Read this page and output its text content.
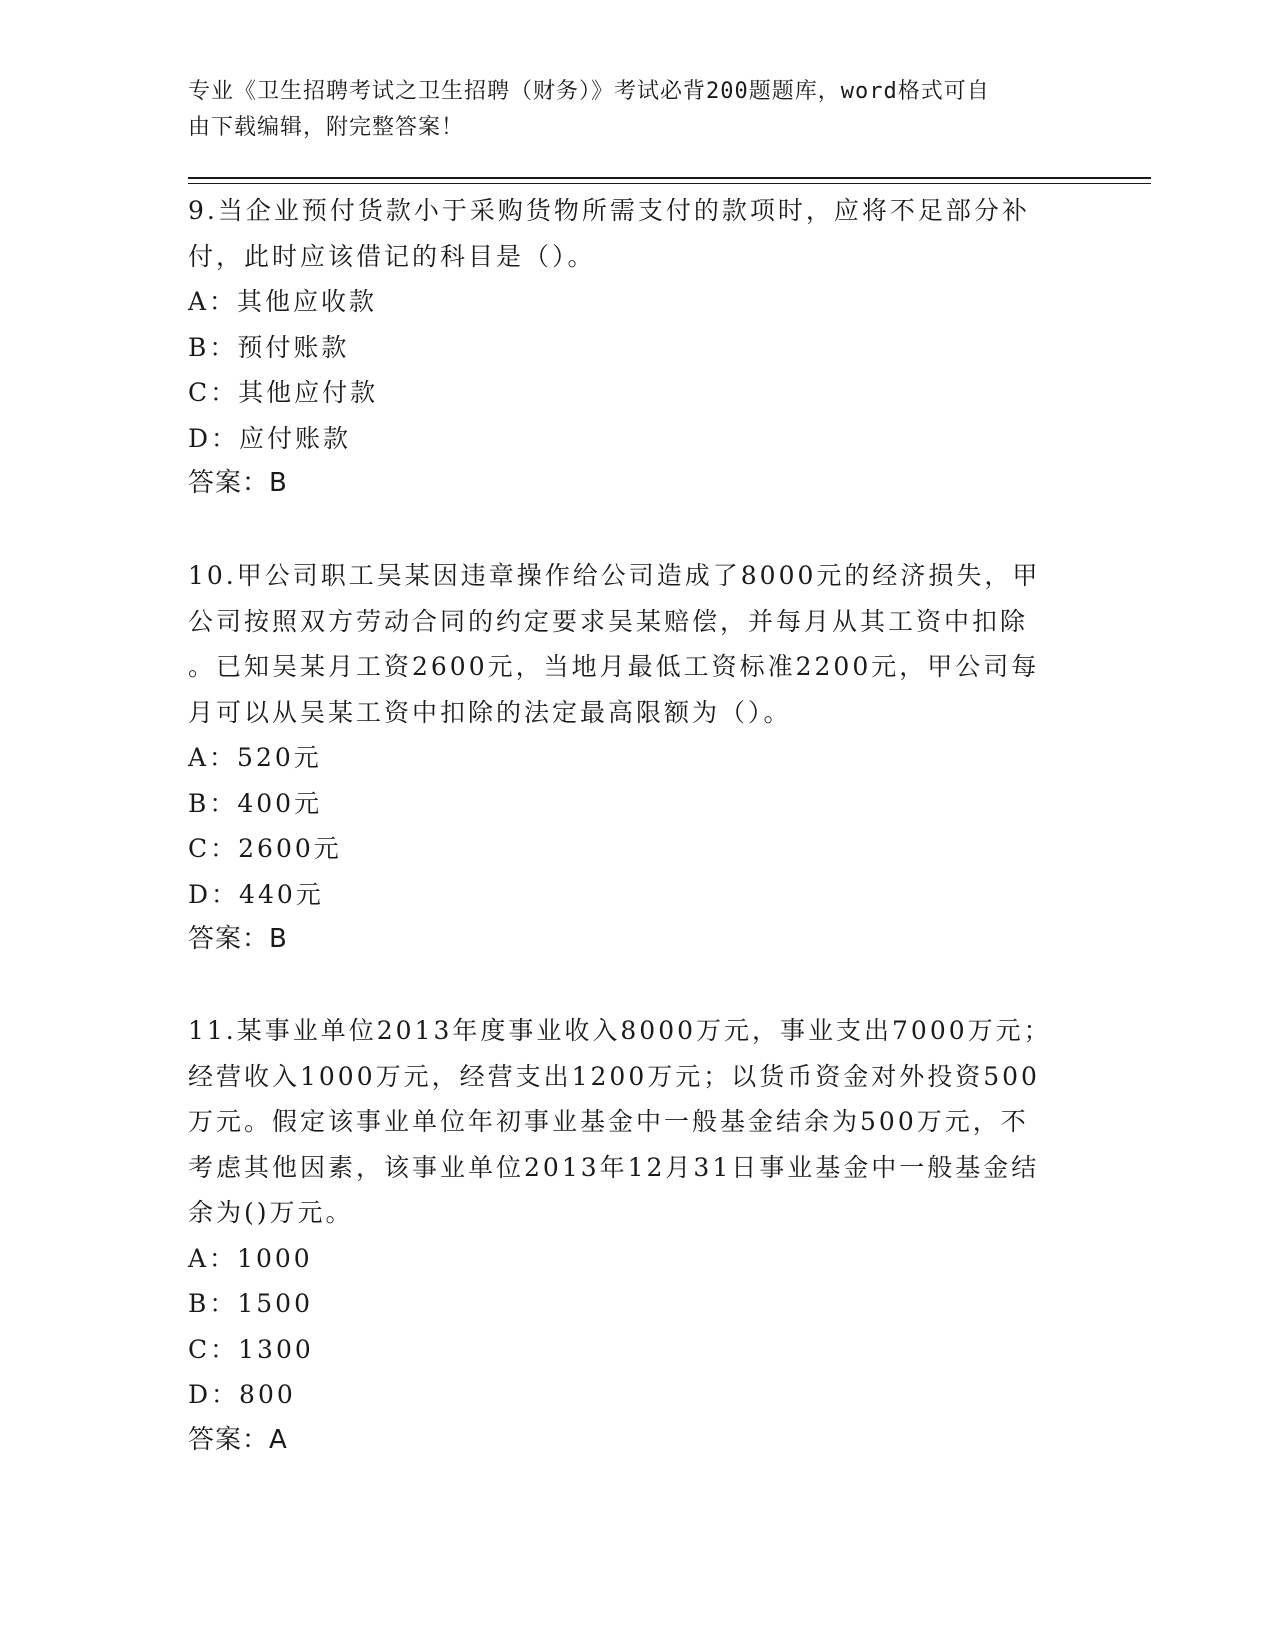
专业《卫生招聘考试之卫生招聘（财务）》考试必背200题题库，word格式可自
由下载编辑，附完整答案！

9.当企业预付货款小于采购货物所需支付的款项时，应将不足部分补

付，此时应该借记的科目是（）。

A：其他应收款

B：预付账款

C：其他应付款

D：应付账款

答案：B

10.甲公司职工吴某因违章操作给公司造成了8000元的经济损失，甲

公司按照双方劳动合同的约定要求吴某赔偿，并每月从其工资中扣除

。已知吴某月工资2600元，当地月最低工资标准2200元，甲公司每

月可以从吴某工资中扣除的法定最高限额为（）。

A：520元

B：400元

C：2600元

D：440元

答案：B

11.某事业单位2013年度事业收入8000万元，事业支出7000万元；

经营收入1000万元，经营支出1200万元；以货币资金对外投资500

万元。假定该事业单位年初事业基金中一般基金结余为500万元，不

考虑其他因素，该事业单位2013年12月31日事业基金中一般基金结

余为()万元。

A：1000

B：1500

C：1300

D：800

答案：A
